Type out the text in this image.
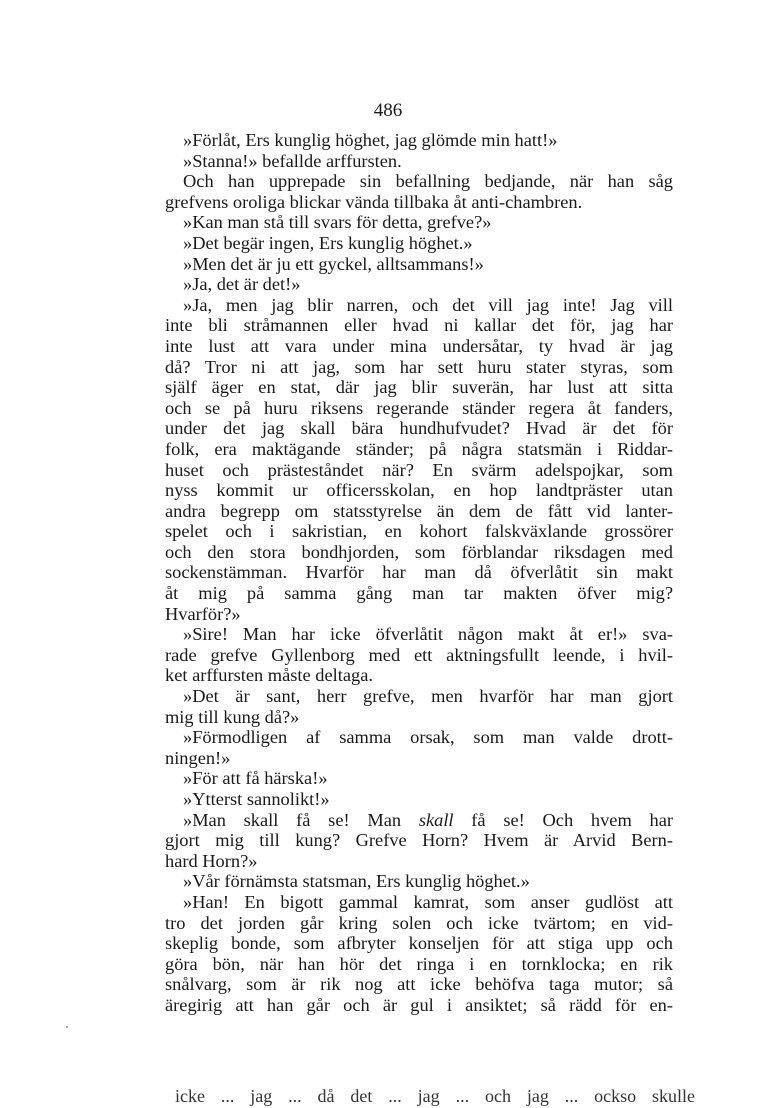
486
»Förlåt, Ers kunglig höghet, jag glömde min hatt!»
»Stanna!» befallde arffursten.
Och han upprepade sin befallning bedjande, när han såg
grefvens oroliga blickar vända tillbaka åt anti-chambren.
»Kan man stå till svars för detta, grefve?»
»Det begär ingen, Ers kunglig höghet.»
»Men det är ju ett gyckel, alltsammans!»
»Ja, det är det!»
»Ja, men jag blir narren, och det vill jag inte! Jag vill
inte bli stråmannen eller hvad ni kallar det för, jag har
inte lust att vara under mina undersåtar, ty hvad är jag
då? Tror ni att jag, som har sett huru stater styras, som
själf äger en stat, där jag blir suverän, har lust att sitta
och se på huru riksens regerande ständer regera åt fanders,
under det jag skall bära hundhufvudet? Hvad är det för
folk, era maktägande ständer; på några statsmän i Riddar-
huset och prästeståndet när? En svärm adelspojkar, som
nyss kommit ur officersskolan, en hop landtpräster utan
andra begrepp om statsstyrelse än dem de fått vid lanter-
spelet och i sakristian, en kohort falskväxlande grossörer
och den stora bondhjorden, som förblandar riksdagen med
sockenstämman. Hvarför har man då öfverlåtit sin makt
åt mig på samma gång man tar makten öfver mig?
Hvarför?»
»Sire! Man har icke öfverlåtit någon makt åt er!» sva-
rade grefve Gyllenborg med ett aktningsfullt leende, i hvil-
ket arffursten måste deltaga.
»Det är sant, herr grefve, men hvarför har man gjort
mig till kung då?»
»Förmodligen af samma orsak, som man valde drott-
ningen!»
»För att få härska!»
»Ytterst sannolikt!»
»Man skall få se! Man skall få se! Och hvem har
gjort mig till kung? Grefve Horn? Hvem är Arvid Bern-
hard Horn?»
»Vår förnämsta statsman, Ers kunglig höghet.»
»Han! En bigott gammal kamrat, som anser gudlöst att
tro det jorden går kring solen och icke tvärtom; en vid-
skeplig bonde, som afbryter konseljen för att stiga upp och
göra bön, när han hör det ringa i en tornklocka; en rik
snålvarg, som är rik nog att icke behöfva taga mutor; så
äregirig att han går och är gul i ansiktet; så rädd för en-
icke ... jag ... då det ... jag ... och jag ... ockso skulle
